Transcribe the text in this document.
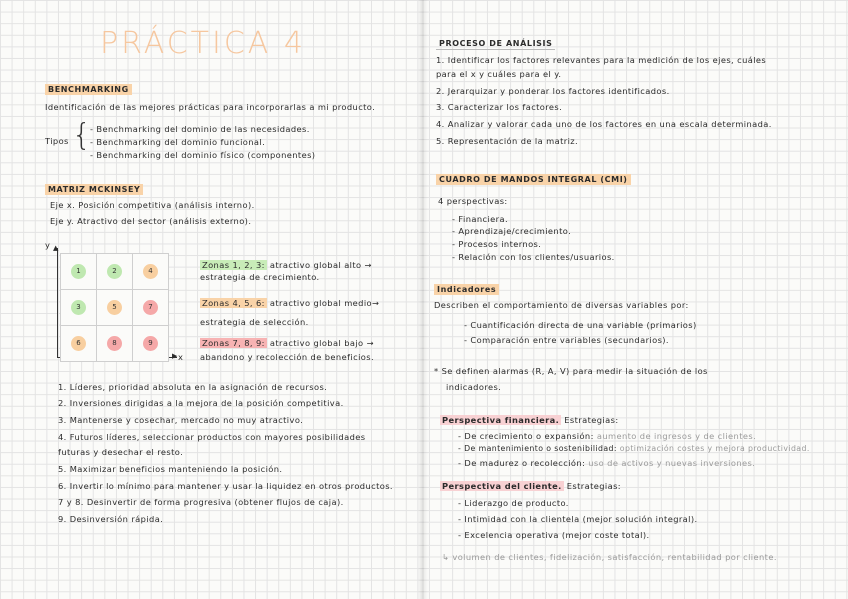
PRÁCTICA 4
BENCHMARKING
Identificación de las mejores prácticas para incorporarlas a mi producto.
Tipos {
- Benchmarking del dominio de las necesidades.
- Benchmarking del dominio funcional.
- Benchmarking del dominio físico (componentes)
MATRIZ MCKINSEY
Eje x. Posición competitiva (análisis interno).
Eje y. Atractivo del sector (análisis externo).
y
x
▲
▶
1	2	4
3	5	7
6	8	9
Zonas 1, 2, 3: atractivo global alto →
estrategia de crecimiento.
Zonas 4, 5, 6: atractivo global medio→
estrategia de selección.
Zonas 7, 8, 9: atractivo global bajo →
abandono y recolección de beneficios.
1. Líderes, prioridad absoluta en la asignación de recursos.
2. Inversiones dirigidas a la mejora de la posición competitiva.
3. Mantenerse y cosechar, mercado no muy atractivo.
4. Futuros líderes, seleccionar productos con mayores posibilidades
futuras y desechar el resto.
5. Maximizar beneficios manteniendo la posición.
6. Invertir lo mínimo para mantener y usar la liquidez en otros productos.
7 y 8. Desinvertir de forma progresiva (obtener flujos de caja).
9. Desinversión rápida.
PROCESO DE ANÁLISIS
1. Identificar los factores relevantes para la medición de los ejes, cuáles
para el x y cuáles para el y.
2. Jerarquizar y ponderar los factores identificados.
3. Caracterizar los factores.
4. Analizar y valorar cada uno de los factores en una escala determinada.
5. Representación de la matriz.
CUADRO DE MANDOS INTEGRAL (CMI)
4 perspectivas:
- Financiera.
- Aprendizaje/crecimiento.
- Procesos internos.
- Relación con los clientes/usuarios.
Indicadores
Describen el comportamiento de diversas variables por:
- Cuantificación directa de una variable (primarios)
- Comparación entre variables (secundarios).
* Se definen alarmas (R, A, V) para medir la situación de los
indicadores.
Perspectiva financiera. Estrategias:
- De crecimiento o expansión: aumento de ingresos y de clientes.
- De mantenimiento o sostenibilidad: optimización costes y mejora productividad.
- De madurez o recolección: uso de activos y nuevas inversiones.
Perspectiva del cliente. Estrategias:
- Liderazgo de producto.
- Intimidad con la clientela (mejor solución integral).
- Excelencia operativa (mejor coste total).
↳ volumen de clientes, fidelización, satisfacción, rentabilidad por cliente.
